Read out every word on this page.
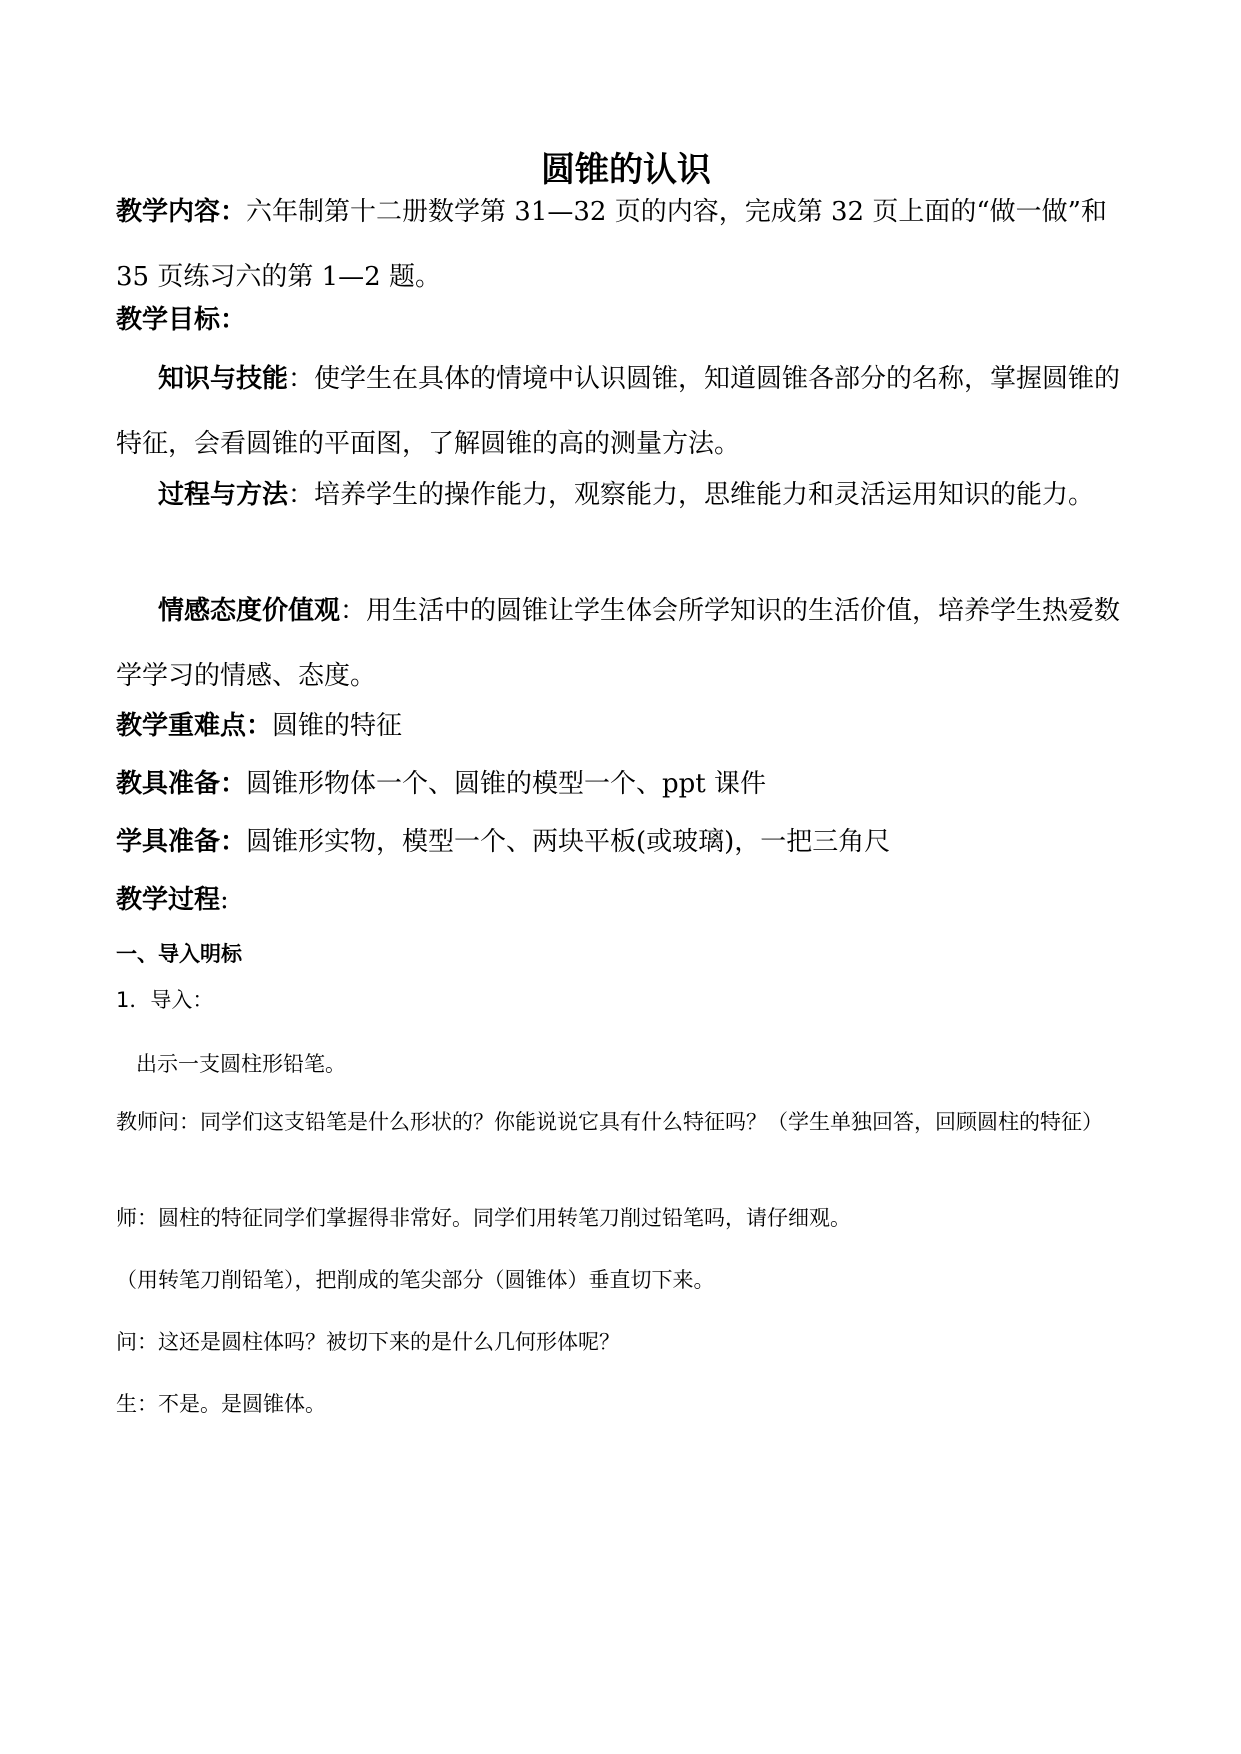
圆锥的认识
教学内容：六年制第十二册数学第 31—32 页的内容，完成第 32 页上面的“做一做”和 35 页练习六的第 1—2 题。
教学目标：
知识与技能：使学生在具体的情境中认识圆锥，知道圆锥各部分的名称，掌握圆锥的特征，会看圆锥的平面图，了解圆锥的高的测量方法。
过程与方法：培养学生的操作能力，观察能力，思维能力和灵活运用知识的能力。
情感态度价值观：用生活中的圆锥让学生体会所学知识的生活价值，培养学生热爱数学学习的情感、态度。
教学重难点：圆锥的特征
教具准备：圆锥形物体一个、圆锥的模型一个、ppt 课件
学具准备：圆锥形实物，模型一个、两块平板(或玻璃)，一把三角尺
教学过程:
一、导入明标
1．导入：
出示一支圆柱形铅笔。
教师问：同学们这支铅笔是什么形状的？你能说说它具有什么特征吗？（学生单独回答，回顾圆柱的特征）
师：圆柱的特征同学们掌握得非常好。同学们用转笔刀削过铅笔吗，请仔细观。
（用转笔刀削铅笔），把削成的笔尖部分（圆锥体）垂直切下来。
问：这还是圆柱体吗？被切下来的是什么几何形体呢？
生：不是。是圆锥体。
